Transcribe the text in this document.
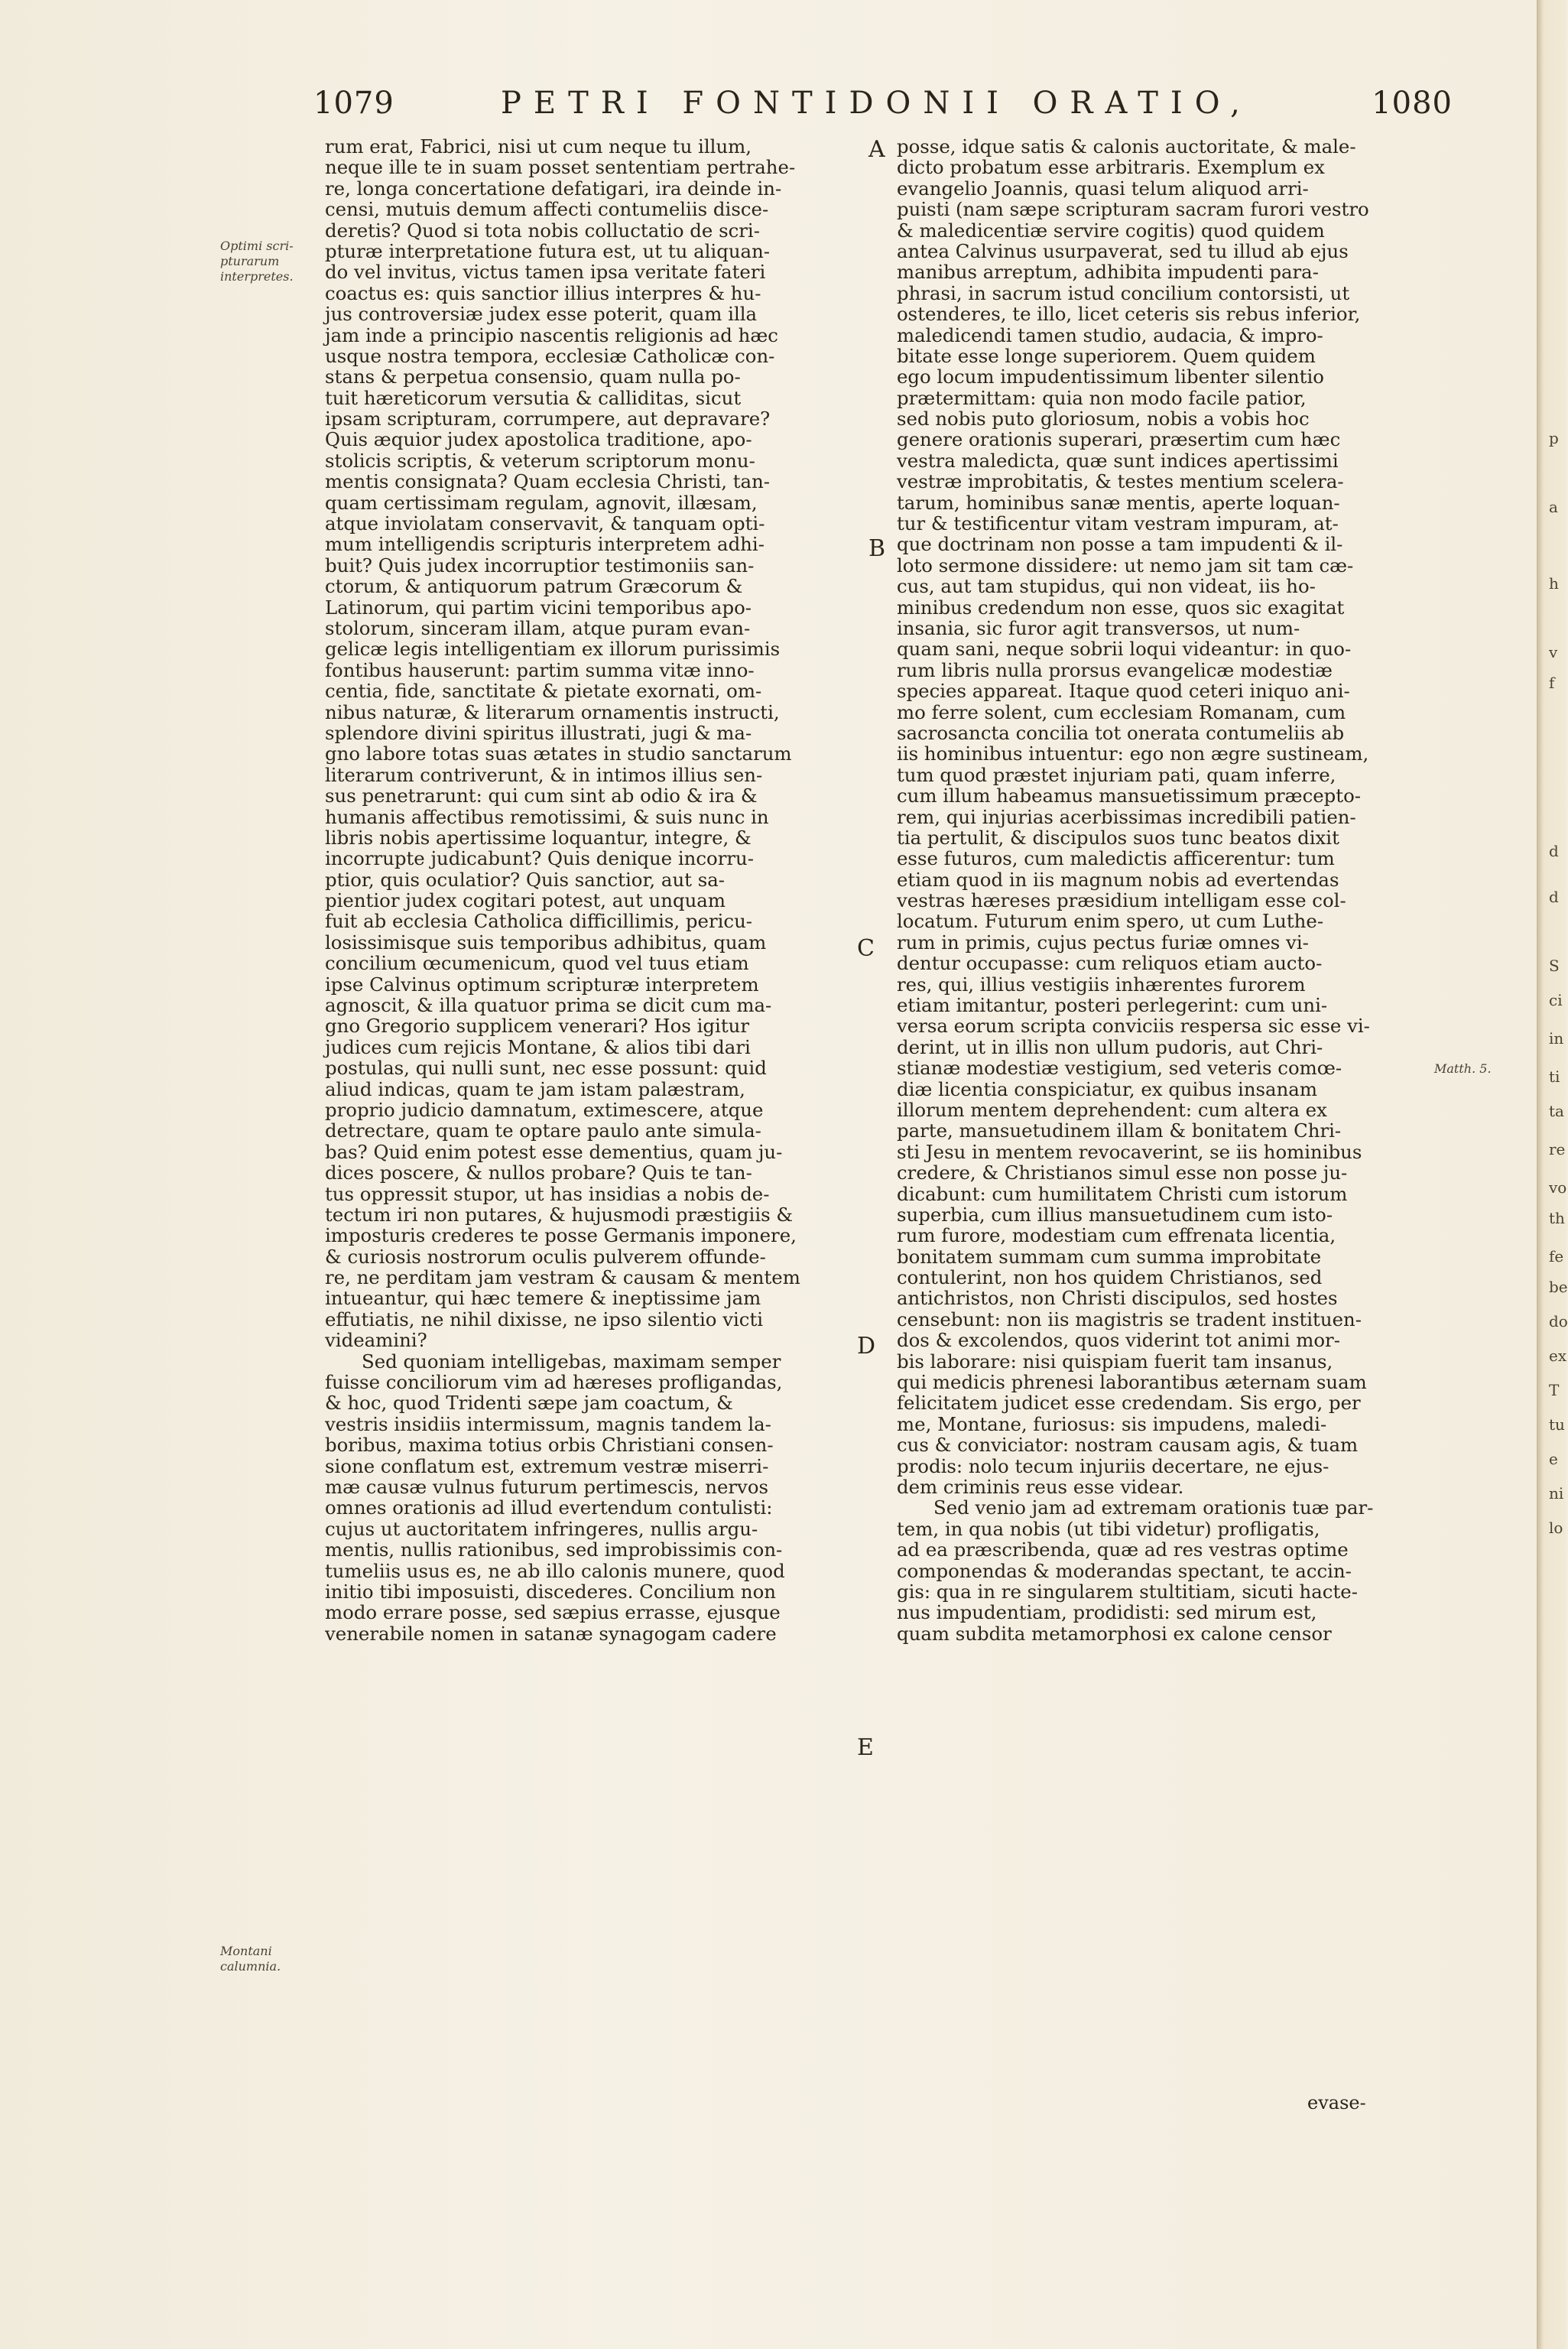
1079	PETRI FONTIDONII ORATIO,	1080
Optimi scri-
pturarum
interpretes.
Montani
calumnia.
Matth. 5.
A
B
C
D
E
rum erat, Fabrici, nisi ut cum neque tu illum,
neque ille te in suam posset sententiam pertrahe-
re, longa concertatione defatigari, ira deinde in-
censi, mutuis demum affecti contumeliis disce-
deretis? Quod si tota nobis colluctatio de scri-
pturæ interpretatione futura est, ut tu aliquan-
do vel invitus, victus tamen ipsa veritate fateri
coactus es: quis sanctior illius interpres & hu-
jus controversiæ judex esse poterit, quam illa
jam inde a principio nascentis religionis ad hæc
usque nostra tempora, ecclesiæ Catholicæ con-
stans & perpetua consensio, quam nulla po-
tuit hæreticorum versutia & calliditas, sicut
ipsam scripturam, corrumpere, aut depravare?
Quis æquior judex apostolica traditione, apo-
stolicis scriptis, & veterum scriptorum monu-
mentis consignata? Quam ecclesia Christi, tan-
quam certissimam regulam, agnovit, illæsam,
atque inviolatam conservavit, & tanquam opti-
mum intelligendis scripturis interpretem adhi-
buit? Quis judex incorruptior testimoniis san-
ctorum, & antiquorum patrum Græcorum &
Latinorum, qui partim vicini temporibus apo-
stolorum, sinceram illam, atque puram evan-
gelicæ legis intelligentiam ex illorum purissimis
fontibus hauserunt: partim summa vitæ inno-
centia, fide, sanctitate & pietate exornati, om-
nibus naturæ, & literarum ornamentis instructi,
splendore divini spiritus illustrati, jugi & ma-
gno labore totas suas ætates in studio sanctarum
literarum contriverunt, & in intimos illius sen-
sus penetrarunt: qui cum sint ab odio & ira &
humanis affectibus remotissimi, & suis nunc in
libris nobis apertissime loquantur, integre, &
incorrupte judicabunt? Quis denique incorru-
ptior, quis oculatior? Quis sanctior, aut sa-
pientior judex cogitari potest, aut unquam
fuit ab ecclesia Catholica difficillimis, pericu-
losissimisque suis temporibus adhibitus, quam
concilium œcumenicum, quod vel tuus etiam
ipse Calvinus optimum scripturæ interpretem
agnoscit, & illa quatuor prima se dicit cum ma-
gno Gregorio supplicem venerari? Hos igitur
judices cum rejicis Montane, & alios tibi dari
postulas, qui nulli sunt, nec esse possunt: quid
aliud indicas, quam te jam istam palæstram,
proprio judicio damnatum, extimescere, atque
detrectare, quam te optare paulo ante simula-
bas? Quid enim potest esse dementius, quam ju-
dices poscere, & nullos probare? Quis te tan-
tus oppressit stupor, ut has insidias a nobis de-
tectum iri non putares, & hujusmodi præstigiis &
imposturis crederes te posse Germanis imponere,
& curiosis nostrorum oculis pulverem offunde-
re, ne perditam jam vestram & causam & mentem
intueantur, qui hæc temere & ineptissime jam
effutiatis, ne nihil dixisse, ne ipso silentio victi
videamini?
Sed quoniam intelligebas, maximam semper
fuisse conciliorum vim ad hæreses profligandas,
& hoc, quod Tridenti sæpe jam coactum, &
vestris insidiis intermissum, magnis tandem la-
boribus, maxima totius orbis Christiani consen-
sione conflatum est, extremum vestræ miserri-
mæ causæ vulnus futurum pertimescis, nervos
omnes orationis ad illud evertendum contulisti:
cujus ut auctoritatem infringeres, nullis argu-
mentis, nullis rationibus, sed improbissimis con-
tumeliis usus es, ne ab illo calonis munere, quod
initio tibi imposuisti, discederes. Concilium non
modo errare posse, sed sæpius errasse, ejusque
venerabile nomen in satanæ synagogam cadere
posse, idque satis & calonis auctoritate, & male-
dicto probatum esse arbitraris. Exemplum ex
evangelio Joannis, quasi telum aliquod arri-
puisti (nam sæpe scripturam sacram furori vestro
& maledicentiæ servire cogitis) quod quidem
antea Calvinus usurpaverat, sed tu illud ab ejus
manibus arreptum, adhibita impudenti para-
phrasi, in sacrum istud concilium contorsisti, ut
ostenderes, te illo, licet ceteris sis rebus inferior,
maledicendi tamen studio, audacia, & impro-
bitate esse longe superiorem. Quem quidem
ego locum impudentissimum libenter silentio
prætermittam: quia non modo facile patior,
sed nobis puto gloriosum, nobis a vobis hoc
genere orationis superari, præsertim cum hæc
vestra maledicta, quæ sunt indices apertissimi
vestræ improbitatis, & testes mentium scelera-
tarum, hominibus sanæ mentis, aperte loquan-
tur & testificentur vitam vestram impuram, at-
que doctrinam non posse a tam impudenti & il-
loto sermone dissidere: ut nemo jam sit tam cæ-
cus, aut tam stupidus, qui non videat, iis ho-
minibus credendum non esse, quos sic exagitat
insania, sic furor agit transversos, ut num-
quam sani, neque sobrii loqui videantur: in quo-
rum libris nulla prorsus evangelicæ modestiæ
species appareat. Itaque quod ceteri iniquo ani-
mo ferre solent, cum ecclesiam Romanam, cum
sacrosancta concilia tot onerata contumeliis ab
iis hominibus intuentur: ego non ægre sustineam,
tum quod præstet injuriam pati, quam inferre,
cum illum habeamus mansuetissimum præcepto-
rem, qui injurias acerbissimas incredibili patien-
tia pertulit, & discipulos suos tunc beatos dixit
esse futuros, cum maledictis afficerentur: tum
etiam quod in iis magnum nobis ad evertendas
vestras hæreses præsidium intelligam esse col-
locatum. Futurum enim spero, ut cum Luthe-
rum in primis, cujus pectus furiæ omnes vi-
dentur occupasse: cum reliquos etiam aucto-
res, qui, illius vestigiis inhærentes furorem
etiam imitantur, posteri perlegerint: cum uni-
versa eorum scripta conviciis respersa sic esse vi-
derint, ut in illis non ullum pudoris, aut Chri-
stianæ modestiæ vestigium, sed veteris comœ-
diæ licentia conspiciatur, ex quibus insanam
illorum mentem deprehendent: cum altera ex
parte, mansuetudinem illam & bonitatem Chri-
sti Jesu in mentem revocaverint, se iis hominibus
credere, & Christianos simul esse non posse ju-
dicabunt: cum humilitatem Christi cum istorum
superbia, cum illius mansuetudinem cum isto-
rum furore, modestiam cum effrenata licentia,
bonitatem summam cum summa improbitate
contulerint, non hos quidem Christianos, sed
antichristos, non Christi discipulos, sed hostes
censebunt: non iis magistris se tradent instituen-
dos & excolendos, quos viderint tot animi mor-
bis laborare: nisi quispiam fuerit tam insanus,
qui medicis phrenesi laborantibus æternam suam
felicitatem judicet esse credendam. Sis ergo, per
me, Montane, furiosus: sis impudens, maledi-
cus & conviciator: nostram causam agis, & tuam
prodis: nolo tecum injuriis decertare, ne ejus-
dem criminis reus esse videar.
Sed venio jam ad extremam orationis tuæ par-
tem, in qua nobis (ut tibi videtur) profligatis,
ad ea præscribenda, quæ ad res vestras optime
componendas & moderandas spectant, te accin-
gis: qua in re singularem stultitiam, sicuti hacte-
nus impudentiam, prodidisti: sed mirum est,
quam subdita metamorphosi ex calone censor
evase-
p
a
h
v
f
d
d
S
ci
in
ti
ta
re
vo
th
fe
be
do
ex
T
tu
e
ni
lo
